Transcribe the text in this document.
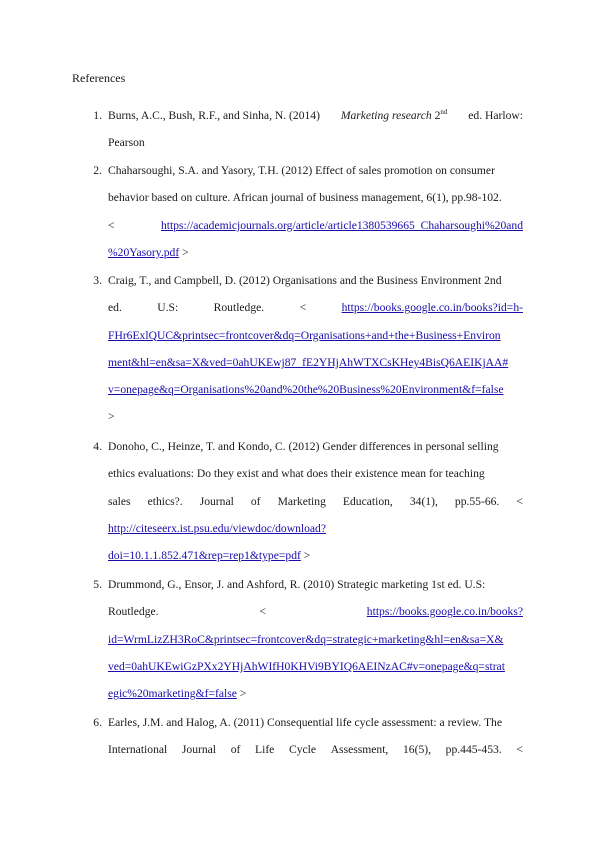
References
1. Burns, A.C., Bush, R.F., and Sinha, N. (2014) Marketing research 2nd ed. Harlow:
Pearson
2. Chaharsoughi, S.A. and Yasory, T.H. (2012) Effect of sales promotion on consumer
behavior based on culture. African journal of business management, 6(1), pp.98-102.
<	https://academicjournals.org/article/article1380539665_Chaharsoughi%20and
%20Yasory.pdf >
3. Craig, T., and Campbell, D. (2012) Organisations and the Business Environment 2nd
ed.	U.S:	Routledge.	<	https://books.google.co.in/books?id=h-
FHr6ExlQUC&printsec=frontcover&dq=Organisations+and+the+Business+Environ
ment&hl=en&sa=X&ved=0ahUKEwj87_fE2YHjAhWTXCsKHey4BisQ6AEIKjAA#
v=onepage&q=Organisations%20and%20the%20Business%20Environment&f=false
>
4. Donoho, C., Heinze, T. and Kondo, C. (2012) Gender differences in personal selling
ethics evaluations: Do they exist and what does their existence mean for teaching
sales ethics?. Journal of Marketing Education, 34(1), pp.55-66. <
http://citeseerx.ist.psu.edu/viewdoc/download?
doi=10.1.1.852.471&rep=rep1&type=pdf >
5. Drummond, G., Ensor, J. and Ashford, R. (2010) Strategic marketing 1st ed. U.S:
Routledge.	<	https://books.google.co.in/books?
id=WrmLizZH3RoC&printsec=frontcover&dq=strategic+marketing&hl=en&sa=X&
ved=0ahUKEwiGzPXx2YHjAhWIfH0KHVi9BYIQ6AEINzAC#v=onepage&q=strat
egic%20marketing&f=false >
6. Earles, J.M. and Halog, A. (2011) Consequential life cycle assessment: a review. The
International Journal of Life Cycle Assessment, 16(5), pp.445-453. <
